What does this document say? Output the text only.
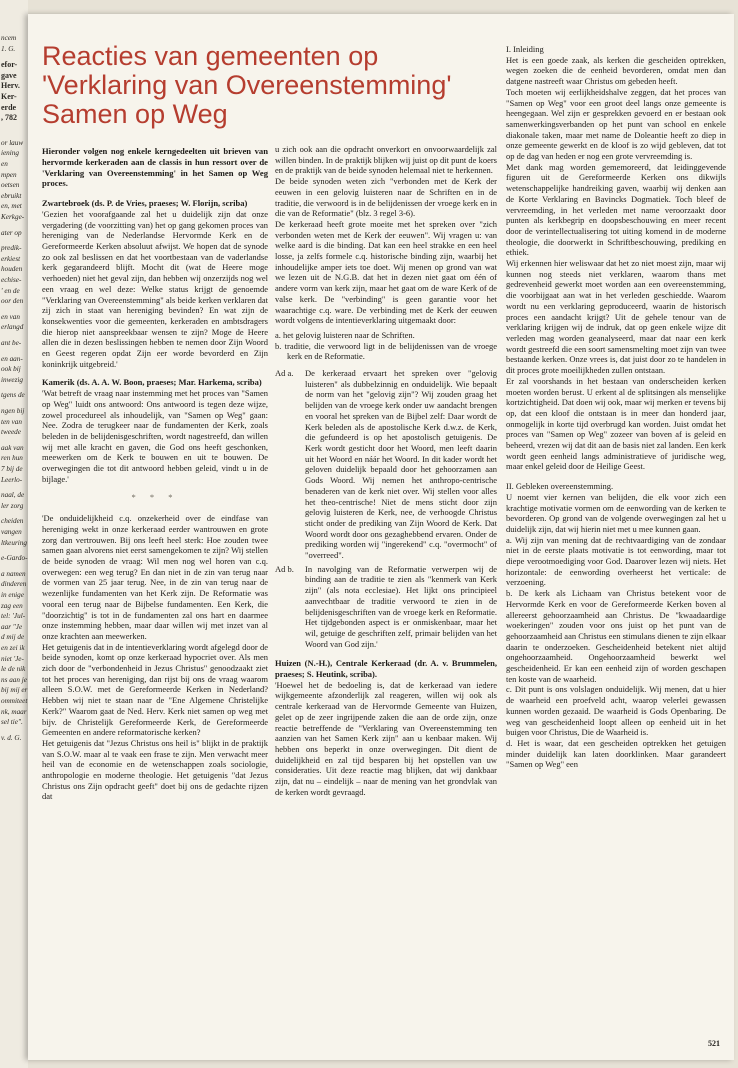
ncem
1. G.
efor-
gave
Herv.
Ker-
erde
, 782
or lauw
iening
en
mpen
oetsen
ebruikt
en, met
Kerkge-
ater op
predik-
erkiest
houden
echise-
' en de
oor den
en van
erlangd
ant be-
en aan-
ook bij
inwezig
tgens de
ngen bij
ten van
tweede
aak van
ren hun
7 bij de
Leerlo-
naal, de
ler zorg
cheiden
vangen
ltkeuring
e-Gardo-
a namen
dinderen
in enige
zag een
tel: 'Jul-
aar "Je
d mij de
en zei ik
niet 'Je-
le de nik
ns aan je
bij mij er
ommiteet
nk, maar
sel tie".
v. d. G.
Reacties van gemeenten op
'Verklaring van Overeenstemming'
Samen op Weg

Hieronder volgen nog enkele kerngedeelten uit brieven van hervormde kerkeraden aan de classis in hun ressort over de 'Verklaring van Overeenstemming' in het Samen op Weg proces.

Zwartebroek (ds. P. de Vries, praeses; W. Florijn, scriba)

'Gezien het voorafgaande zal het u duidelijk zijn dat onze vergadering (de voorzitting van) het op gang gekomen proces van hereniging van de Nederlandse Hervormde Kerk en de Gereformeerde Kerken absoluut afwijst. We hopen dat de synode zo ook zal beslissen en dat het voortbestaan van de vaderlandse kerk gegarandeerd blijft. Mocht dit (wat de Heere moge verhoeden) niet het geval zijn, dan hebben wij onzerzijds nog wel een vraag en wel deze: Welke status krijgt de genoemde "Verklaring van Overeenstemming" als beide kerken verklaren dat zij zich in staat van hereniging bevinden? En wat zijn de konsekwenties voor die gemeenten, kerkeraden en ambtsdragers die hierop niet aanspreekbaar wensen te zijn? Moge de Heere allen die in dezen beslissingen hebben te nemen door Zijn Woord en Geest regeren opdat Zijn eer worde bevorderd en Zijn koninkrijk uitgebreid.'

Kamerik (ds. A. A. W. Boon, praeses; Mar. Harkema, scriba)

'Wat betreft de vraag naar instemming met het proces van "Samen op Weg" luidt ons antwoord: Ons antwoord is tegen deze wijze, zowel procedureel als inhoudelijk, van "Samen op Weg" gaan: Nee. Zodra de terugkeer naar de fundamenten der Kerk, zoals beleden in de belijdenisgeschriften, wordt nagestreefd, dan willen wij met alle kracht en gaven, die God ons heeft geschonken, meewerken om de Kerk te bouwen en uit te bouwen. De overwegingen die tot dit antwoord hebben geleid, vindt u in de bijlage.'

* * *

'De onduidelijkheid c.q. onzekerheid over de eindfase van hereniging wekt in onze kerkeraad eerder wantrouwen en grote zorg dan vertrouwen. Bij ons leeft heel sterk: Hoe zouden twee samen gaan alvorens niet eerst samengekomen te zijn? Wij stellen de beide synoden de vraag: Wil men nog wel horen van c.q. overwegen: een weg terug? En dan niet in de zin van terug naar de vormen van 25 jaar terug. Nee, in de zin van terug naar de wezenlijke fundamenten van het Kerk zijn. De Reformatie was vooral een terug naar de Bijbelse fundamenten. Een Kerk, die "doorzichtig" is tot in de fundamenten zal ons hart en daarmee onze instemming hebben, maar daar willen wij met inzet van al onze krachten aan meewerken.

Het getuigenis dat in de intentieverklaring wordt afgelegd door de beide synoden, komt op onze kerkeraad hypocriet over. Als men zich door de "verbondenheid in Jezus Christus" genoodzaakt ziet tot het proces van hereniging, dan rijst bij ons de vraag waarom alleen S.O.W. met de Gereformeerde Kerken in Nederland? Hebben wij niet te staan naar de "Ene Algemene Christelijke Kerk?" Waarom gaat de Ned. Herv. Kerk niet samen op weg met bijv. de Christelijk Gereformeerde Kerk, de Gereformeerde Gemeenten en andere reformatorische kerken?

Het getuigenis dat "Jezus Christus ons heil is" blijkt in de praktijk van S.O.W. maar al te vaak een frase te zijn. Men verwacht meer heil van de economie en de wetenschappen zoals sociologie, anthropologie en moderne theologie. Het getuigenis "dat Jezus Christus ons Zijn opdracht geeft" doet bij ons de gedachte rijzen dat

u zich ook aan die opdracht onverkort en onvoorwaardelijk zal willen binden. In de praktijk blijken wij juist op dit punt de koers en de praktijk van de beide synoden helemaal niet te herkennen.

De beide synoden weten zich "verbonden met de Kerk der eeuwen in een gelovig luisteren naar de Schriften en in de traditie, die verwoord is in de belijdenissen der vroege kerk en in die van de Reformatie" (blz. 3 regel 3-6).

De kerkeraad heeft grote moeite met het spreken over "zich verbonden weten met de Kerk der eeuwen". Wij vragen u: van welke aard is die binding. Dat kan een heel strakke en een heel losse, ja zelfs formele c.q. historische binding zijn, waarbij het inhoudelijke amper iets toe doet. Wij menen op grond van wat we lezen uit de N.G.B. dat het in dezen niet gaat om één of andere vorm van kerk zijn, maar het gaat om de ware Kerk of de valse kerk. De "verbinding" is geen garantie voor het waarachtige c.q. ware. De verbinding met de Kerk der eeuwen wordt volgens de intentieverklaring uitgemaakt door:

a. het gelovig luisteren naar de Schriften.
b. traditie, die verwoord ligt in de belijdenissen van de vroege kerk en de Reformatie.
Ad a.	De kerkeraad ervaart het spreken over "gelovig luisteren" als dubbelzinnig en onduidelijk. Wie bepaalt de norm van het "gelovig zijn"? Wij zouden graag het belijden van de vroege kerk onder uw aandacht brengen en vooral het spreken van de Bijbel zelf: Daar wordt de Kerk beleden als de apostolische Kerk d.w.z. de Kerk, die gefundeerd is op het apostolisch getuigenis. De Kerk wordt gesticht door het Woord, men leeft daarin uit het Woord en náár het Woord. In dit kader wordt het geloven duidelijk bepaald door het gehoorzamen aan Gods Woord. Wij nemen het anthropo-centrische benaderen van de kerk niet over. Wij stellen voor alles het theo-centrische! Niet de mens sticht door zijn gelovig luisteren de Kerk, nee, de verhoogde Christus sticht onder de prediking van Zijn Woord de Kerk. Dat Woord wordt door ons gezaghebbend ervaren. Onder de prediking worden wij "ingerekend" c.q. "overmocht" of "overreed".
Ad b.	In navolging van de Reformatie verwerpen wij de binding aan de traditie te zien als "kenmerk van Kerk zijn" (als nota ecclesiae). Het lijkt ons principieel aanvechtbaar de traditie verwoord te zien in de belijdenisgeschriften van de vroege kerk en Reformatie. Het tijdgebonden aspect is er onmiskenbaar, maar het wil, getuige de geschriften zelf, primair belijden van het Woord van God zijn.'

Huizen (N.-H.), Centrale Kerkeraad (dr. A. v. Brummelen, praeses; S. Heutink, scriba).

'Hoewel het de bedoeling is, dat de kerkeraad van iedere wijkgemeente afzonderlijk zal reageren, willen wij ook als centrale kerkeraad van de Hervormde Gemeente van Huizen, gelet op de zeer ingrijpende zaken die aan de orde zijn, onze reactie betreffende de "Verklaring van Overeenstemming ten aanzien van het Samen Kerk zijn" aan u kenbaar maken. Wij hebben ons beperkt in onze overwegingen. Dit dient de duidelijkheid en zal tijd besparen bij het opstellen van uw consideraties. Uit deze reactie mag blijken, dat wij dankbaar zijn, dat nu – eindelijk – naar de mening van het grondvlak van de kerken wordt gevraagd.

I. Inleiding

Het is een goede zaak, als kerken die gescheiden optrekken, wegen zoeken die de eenheid bevorderen, omdat men dan datgene nastreeft waar Christus om gebeden heeft.

Toch moeten wij eerlijkheidshalve zeggen, dat het proces van "Samen op Weg" voor een groot deel langs onze gemeente is heengegaan. Wel zijn er gesprekken gevoerd en er bestaan ook samenwerkingsverbanden op het punt van school en enkele diakonale taken, maar met name de Doleantie heeft zo diep in onze gemeente gewerkt en de kloof is zo wijd gebleven, dat tot op de dag van heden er nog een grote vervreemding is.

Met dank mag worden gememoreerd, dat leidinggevende figuren uit de Gereformeerde Kerken ons dikwijls wetenschappelijke handreiking gaven, waarbij wij denken aan de Korte Verklaring en Bavincks Dogmatiek. Toch bleef de vervreemding, in het verleden met name veroorzaakt door punten als kerkbegrip en doopsbeschouwing en meer recent door de verintellectualisering tot uiting komend in de moderne theologie, die doorwerkt in Schriftbeschouwing, prediking en ethiek.

Wij erkennen hier weliswaar dat het zo niet moest zijn, maar wij kunnen nog steeds niet verklaren, waarom thans met gedrevenheid gewerkt moet worden aan een overeenstemming, die voorbijgaat aan wat in het verleden geschiedde. Waarom wordt nu een verklaring geproduceerd, waarin de historisch proces een aandacht krijgt? Uit de gehele tenour van de verklaring krijgen wij de indruk, dat op geen enkele wijze dit verleden mag worden geanalyseerd, maar dat naar een kerk wordt gestreefd die een soort samensmelting moet zijn van twee bestaande kerken. Onze vrees is, dat juist door zo te handelen in dit proces grote moeilijkheden zullen ontstaan.

Er zal voorshands in het bestaan van onderscheiden kerken moeten worden berust. U erkent al de splitsingen als menselijke kortzichtigheid. Dat doen wij ook, maar wij merken er tevens bij op, dat een kloof die ontstaan is in meer dan honderd jaar, onmogelijk in korte tijd overbrugd kan worden. Juist omdat het proces van "Samen op Weg" zozeer van boven af is geleid en beheerd, vrezen wij dat dit aan de basis niet zal landen. Een kerk wordt geen eenheid langs administratieve of juridische weg, maar enkel geleid door de Heilige Geest.

II. Gebleken overeenstemming.

U noemt vier kernen van belijden, die elk voor zich een krachtige motivatie vormen om de eenwording van de kerken te bevorderen. Op grond van de volgende overwegingen zal het u duidelijk zijn, dat wij hierin niet met u mee kunnen gaan.

a. Wij zijn van mening dat de rechtvaardiging van de zondaar niet in de eerste plaats motivatie is tot eenwording, maar tot diepe verootmoediging voor God. Daarover lezen wij niets. Het horizontale: de eenwording overheerst het verticale: de verzoening.

b. De kerk als Lichaam van Christus betekent voor de Hervormde Kerk en voor de Gereformeerde Kerken boven al allereerst gehoorzaamheid aan Christus. De "kwaadaardige woekeringen" zouden voor ons juist op het punt van de gehoorzaamheid aan Christus een stimulans dienen te zijn elkaar daarin te onderzoeken. Gescheidenheid betekent niet altijd ongehoorzaamheid. Ongehoorzaamheid bewerkt wel gescheidenheid. Er kan een eenheid zijn of worden geschapen ten koste van de waarheid.

c. Dit punt is ons volslagen onduidelijk. Wij menen, dat u hier de waarheid een proefveld acht, waarop velerlei gewassen kunnen worden gezaaid. De waarheid is Gods Openbaring. De weg van gescheidenheid loopt alleen op eenheid uit in het buigen voor Christus, Die de Waarheid is.

d. Het is waar, dat een gescheiden optrekken het getuigen minder duidelijk kan laten doorklinken. Maar garandeert "Samen op Weg" een

521
